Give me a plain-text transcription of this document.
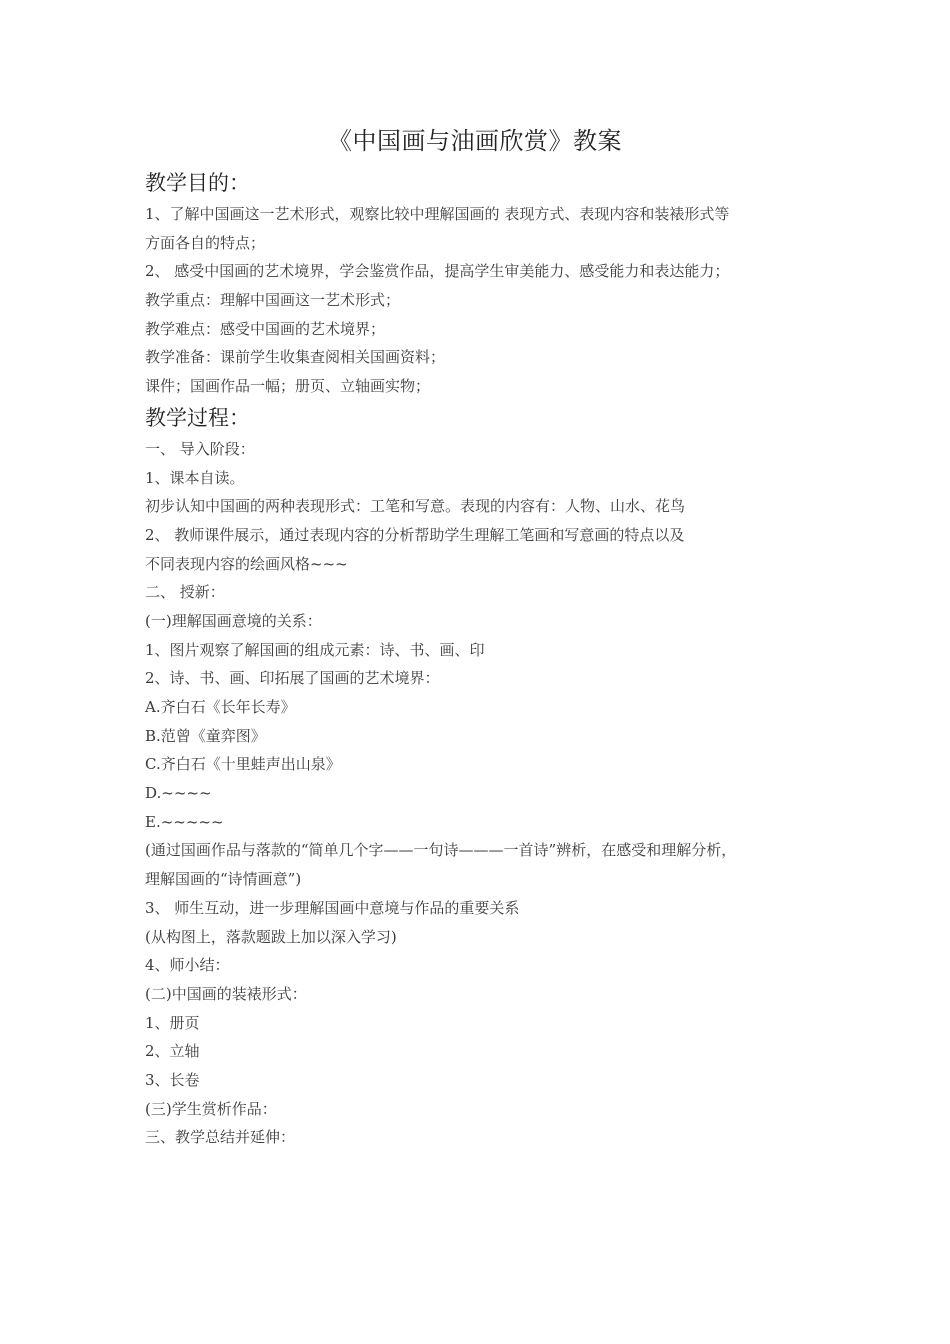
《中国画与油画欣赏》教案
教学目的：

1、了解中国画这一艺术形式，观察比较中理解国画的 表现方式、表现内容和装裱形式等

方面各自的特点；

2、 感受中国画的艺术境界，学会鉴赏作品，提高学生审美能力、感受能力和表达能力；

教学重点：理解中国画这一艺术形式；

教学难点：感受中国画的艺术境界；

教学准备：课前学生收集查阅相关国画资料；

课件；国画作品一幅；册页、立轴画实物；

教学过程：

一、 导入阶段：

1、课本自读。

初步认知中国画的两种表现形式：工笔和写意。表现的内容有：人物、山水、花鸟

2、 教师课件展示，通过表现内容的分析帮助学生理解工笔画和写意画的特点以及

不同表现内容的绘画风格~~~

二、 授新：

(一)理解国画意境的关系：

1、图片观察了解国画的组成元素：诗、书、画、印

2、诗、书、画、印拓展了国画的艺术境界：

A.齐白石《长年长寿》

B.范曾《童弈图》

C.齐白石《十里蛙声出山泉》

D.~~~~

E.~~~~~

(通过国画作品与落款的“简单几个字——一句诗———一首诗”辨析，在感受和理解分析，

理解国画的“诗情画意”)

3、 师生互动，进一步理解国画中意境与作品的重要关系

(从构图上，落款题跋上加以深入学习)

4、师小结：

(二)中国画的装裱形式：

1、册页

2、立轴

3、长卷

(三)学生赏析作品：

三、教学总结并延伸：
